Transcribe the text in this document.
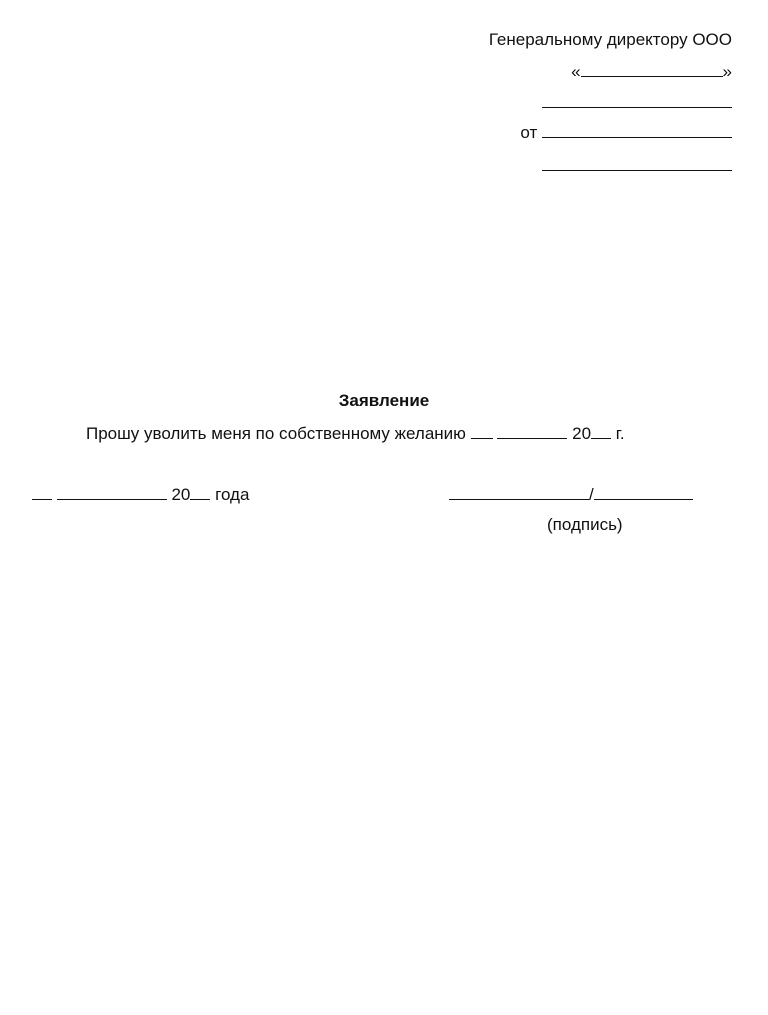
Генеральному директору ООО
«	»
от
Заявление
Прошу уволить меня по собственному желанию	20 г.
20 года	/
(подпись)
